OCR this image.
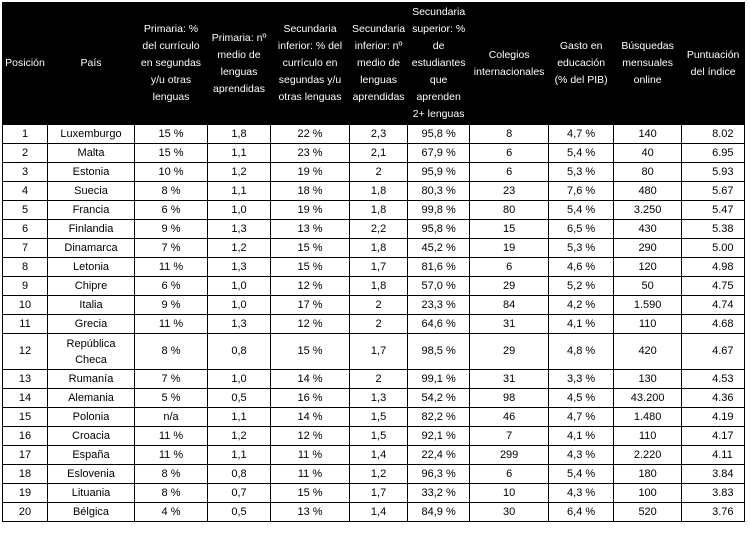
Posición	País	Primaria: % del currículo en segundas y/u otras lenguas	Primaria: nº medio de lenguas aprendidas	Secundaria inferior: % del currículo en segundas y/u otras lenguas	Secundaria inferior: nº medio de lenguas aprendidas	Secundaria superior: % de estudiantes que aprenden 2+ lenguas	Colegios internacionales	Gasto en educación (% del PIB)	Búsquedas mensuales online	Puntuación del índice
1	Luxemburgo	15 %	1,8	22 %	2,3	95,8 %	8	4,7 %	140	8.02
2	Malta	15 %	1,1	23 %	2,1	67,9 %	6	5,4 %	40	6.95
3	Estonia	10 %	1,2	19 %	2	95,9 %	6	5,3 %	80	5.93
4	Suecia	8 %	1,1	18 %	1,8	80,3 %	23	7,6 %	480	5.67
5	Francia	6 %	1,0	19 %	1,8	99,8 %	80	5,4 %	3.250	5.47
6	Finlandia	9 %	1,3	13 %	2,2	95,8 %	15	6,5 %	430	5.38
7	Dinamarca	7 %	1,2	15 %	1,8	45,2 %	19	5,3 %	290	5.00
8	Letonia	11 %	1,3	15 %	1,7	81,6 %	6	4,6 %	120	4.98
9	Chipre	6 %	1,0	12 %	1,8	57,0 %	29	5,2 %	50	4.75
10	Italia	9 %	1,0	17 %	2	23,3 %	84	4,2 %	1.590	4.74
11	Grecia	11 %	1,3	12 %	2	64,6 %	31	4,1 %	110	4.68
12	República Checa	8 %	0,8	15 %	1,7	98,5 %	29	4,8 %	420	4.67
13	Rumanía	7 %	1,0	14 %	2	99,1 %	31	3,3 %	130	4.53
14	Alemania	5 %	0,5	16 %	1,3	54,2 %	98	4,5 %	43.200	4.36
15	Polonia	n/a	1,1	14 %	1,5	82,2 %	46	4,7 %	1.480	4.19
16	Croacia	11 %	1,2	12 %	1,5	92,1 %	7	4,1 %	110	4.17
17	España	11 %	1,1	11 %	1,4	22,4 %	299	4,3 %	2.220	4.11
18	Eslovenia	8 %	0,8	11 %	1,2	96,3 %	6	5,4 %	180	3.84
19	Lituania	8 %	0,7	15 %	1,7	33,2 %	10	4,3 %	100	3.83
20	Bélgica	4 %	0,5	13 %	1,4	84,9 %	30	6,4 %	520	3.76
